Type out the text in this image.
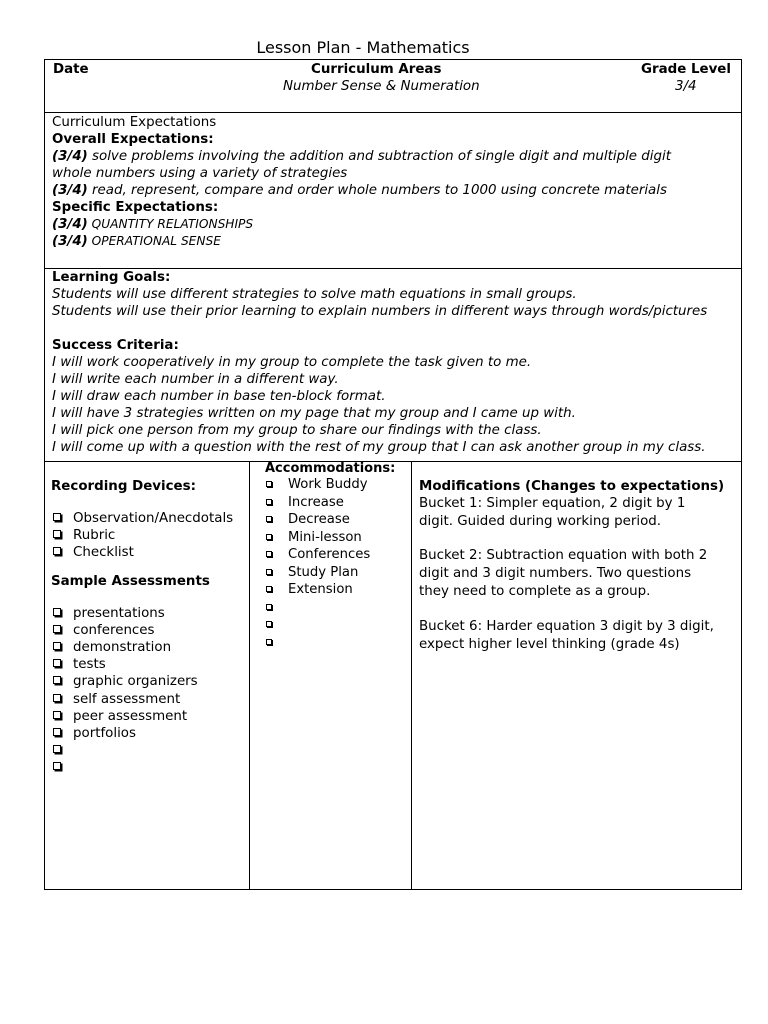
Lesson Plan - Mathematics
Date	Curriculum Areas
Number Sense & Numeration
Grade Level
3/4
Curriculum Expectations
Overall Expectations:
(3/4) solve problems involving the addition and subtraction of single digit and multiple digit
whole numbers using a variety of strategies
(3/4) read, represent, compare and order whole numbers to 1000 using concrete materials
Specific Expectations:
(3/4) QUANTITY RELATIONSHIPS
(3/4) OPERATIONAL SENSE
Learning Goals:
Students will use different strategies to solve math equations in small groups.
Students will use their prior learning to explain numbers in different ways through words/pictures
Success Criteria:
I will work cooperatively in my group to complete the task given to me.
I will write each number in a different way.
I will draw each number in base ten-block format.
I will have 3 strategies written on my page that my group and I came up with.
I will pick one person from my group to share our findings with the class.
I will come up with a question with the rest of my group that I can ask another group in my class.
Recording Devices:
Observation/Anecdotals
Rubric
Checklist
Sample Assessments
presentations
conferences
demonstration
tests
graphic organizers
self assessment
peer assessment
portfolios
Accommodations:
Work Buddy
Increase
Decrease
Mini-lesson
Conferences
Study Plan
Extension
Modifications (Changes to expectations)
Bucket 1: Simpler equation, 2 digit by 1
digit. Guided during working period.
Bucket 2: Subtraction equation with both 2
digit and 3 digit numbers. Two questions
they need to complete as a group.
Bucket 6: Harder equation 3 digit by 3 digit,
expect higher level thinking (grade 4s)
